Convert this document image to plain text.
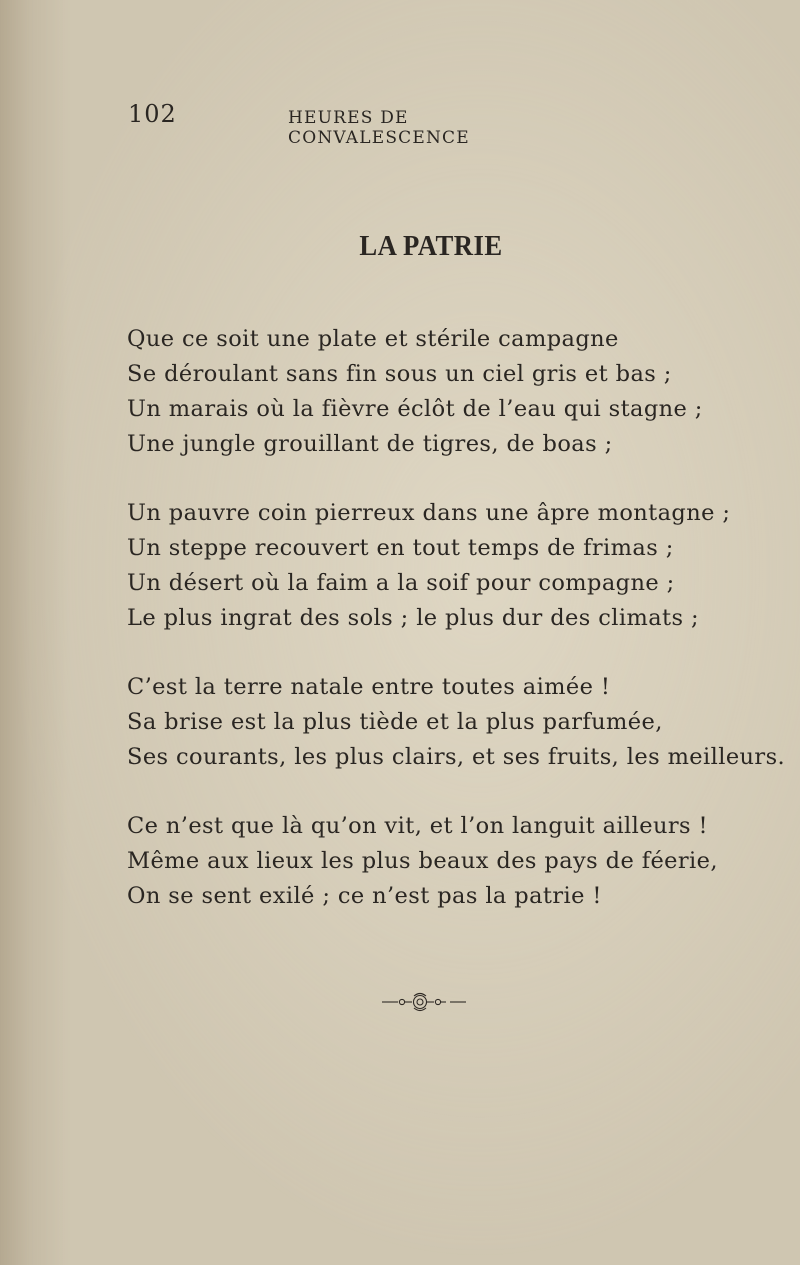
102	HEURES DE CONVALESCENCE
LA PATRIE
Que ce soit une plate et stérile campagne
Se déroulant sans fin sous un ciel gris et bas ;
Un marais où la fièvre éclôt de l’eau qui stagne ;
Une jungle grouillant de tigres, de boas ;
Un pauvre coin pierreux dans une âpre montagne ;
Un steppe recouvert en tout temps de frimas ;
Un désert où la faim a la soif pour compagne ;
Le plus ingrat des sols ; le plus dur des climats ;
C’est la terre natale entre toutes aimée !
Sa brise est la plus tiède et la plus parfumée,
Ses courants, les plus clairs, et ses fruits, les meilleurs.
Ce n’est que là qu’on vit, et l’on languit ailleurs !
Même aux lieux les plus beaux des pays de féerie,
On se sent exilé ; ce n’est pas la patrie !
